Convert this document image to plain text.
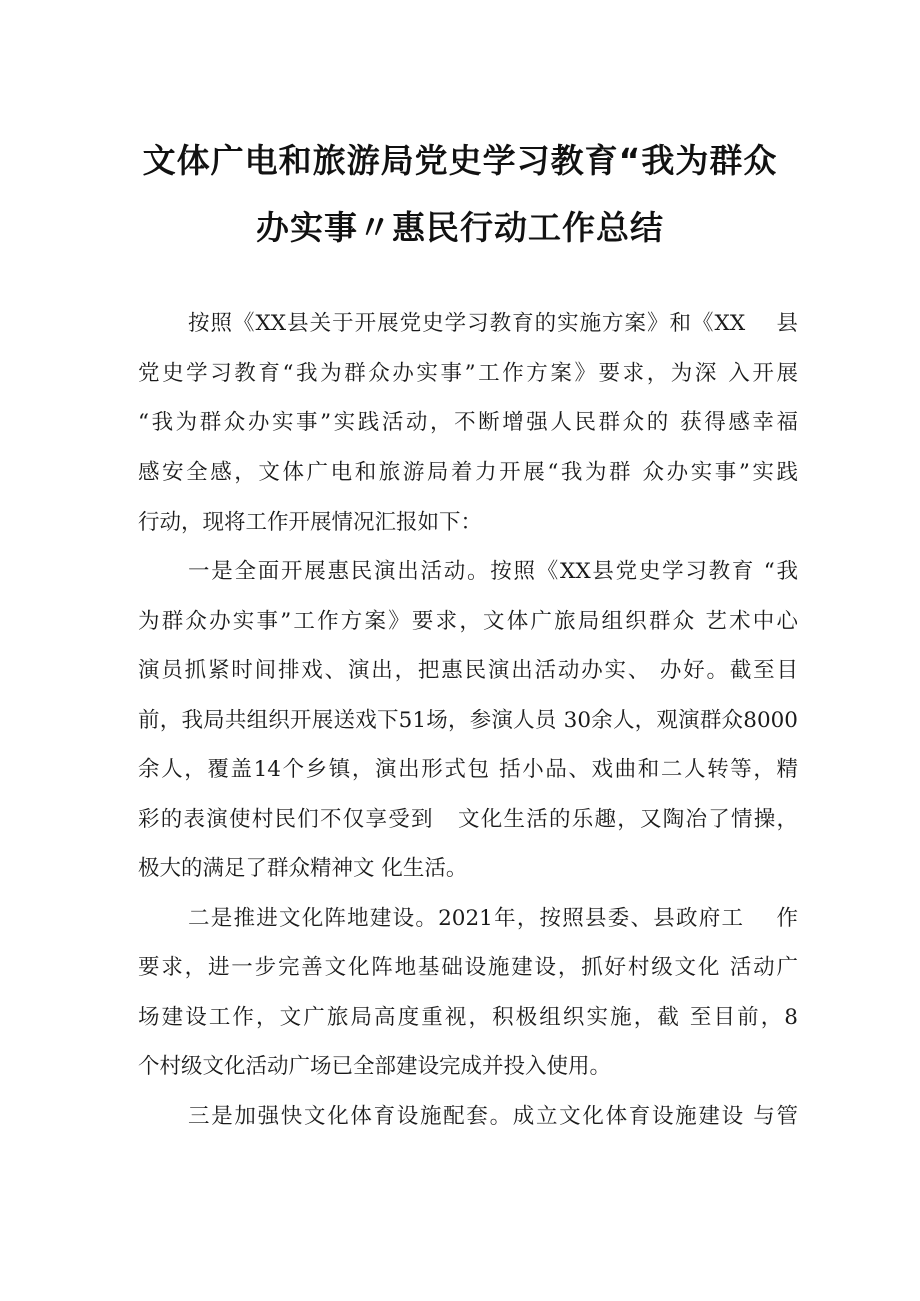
文体广电和旅游局党史学习教育“我为群众
办实事〃惠民行动工作总结
按照《XX县关于开展党史学习教育的实施方案》和《XX    县
党史学习教育“我为群众办实事”工作方案》要求，为深 入开展
“我为群众办实事”实践活动，不断增强人民群众的 获得感幸福
感安全感，文体广电和旅游局着力开展“我为群 众办实事”实践
行动，现将工作开展情况汇报如下：
一是全面开展惠民演出活动。按照《XX县党史学习教育 “我
为群众办实事”工作方案》要求，文体广旅局组织群众 艺术中心
演员抓紧时间排戏、演出，把惠民演出活动办实、 办好。截至目
前，我局共组织开展送戏下51场，参演人员 30余人，观演群众8000
余人，覆盖14个乡镇，演出形式包 括小品、戏曲和二人转等，精
彩的表演使村民们不仅享受到   文化生活的乐趣，又陶冶了情操，
极大的满足了群众精神文 化生活。
二是推进文化阵地建设。2021年，按照县委、县政府工    作
要求，进一步完善文化阵地基础设施建设，抓好村级文化 活动广
场建设工作，文广旅局高度重视，积极组织实施，截 至目前，8
个村级文化活动广场已全部建设完成并投入使用。
三是加强快文化体育设施配套。成立文化体育设施建设 与管
